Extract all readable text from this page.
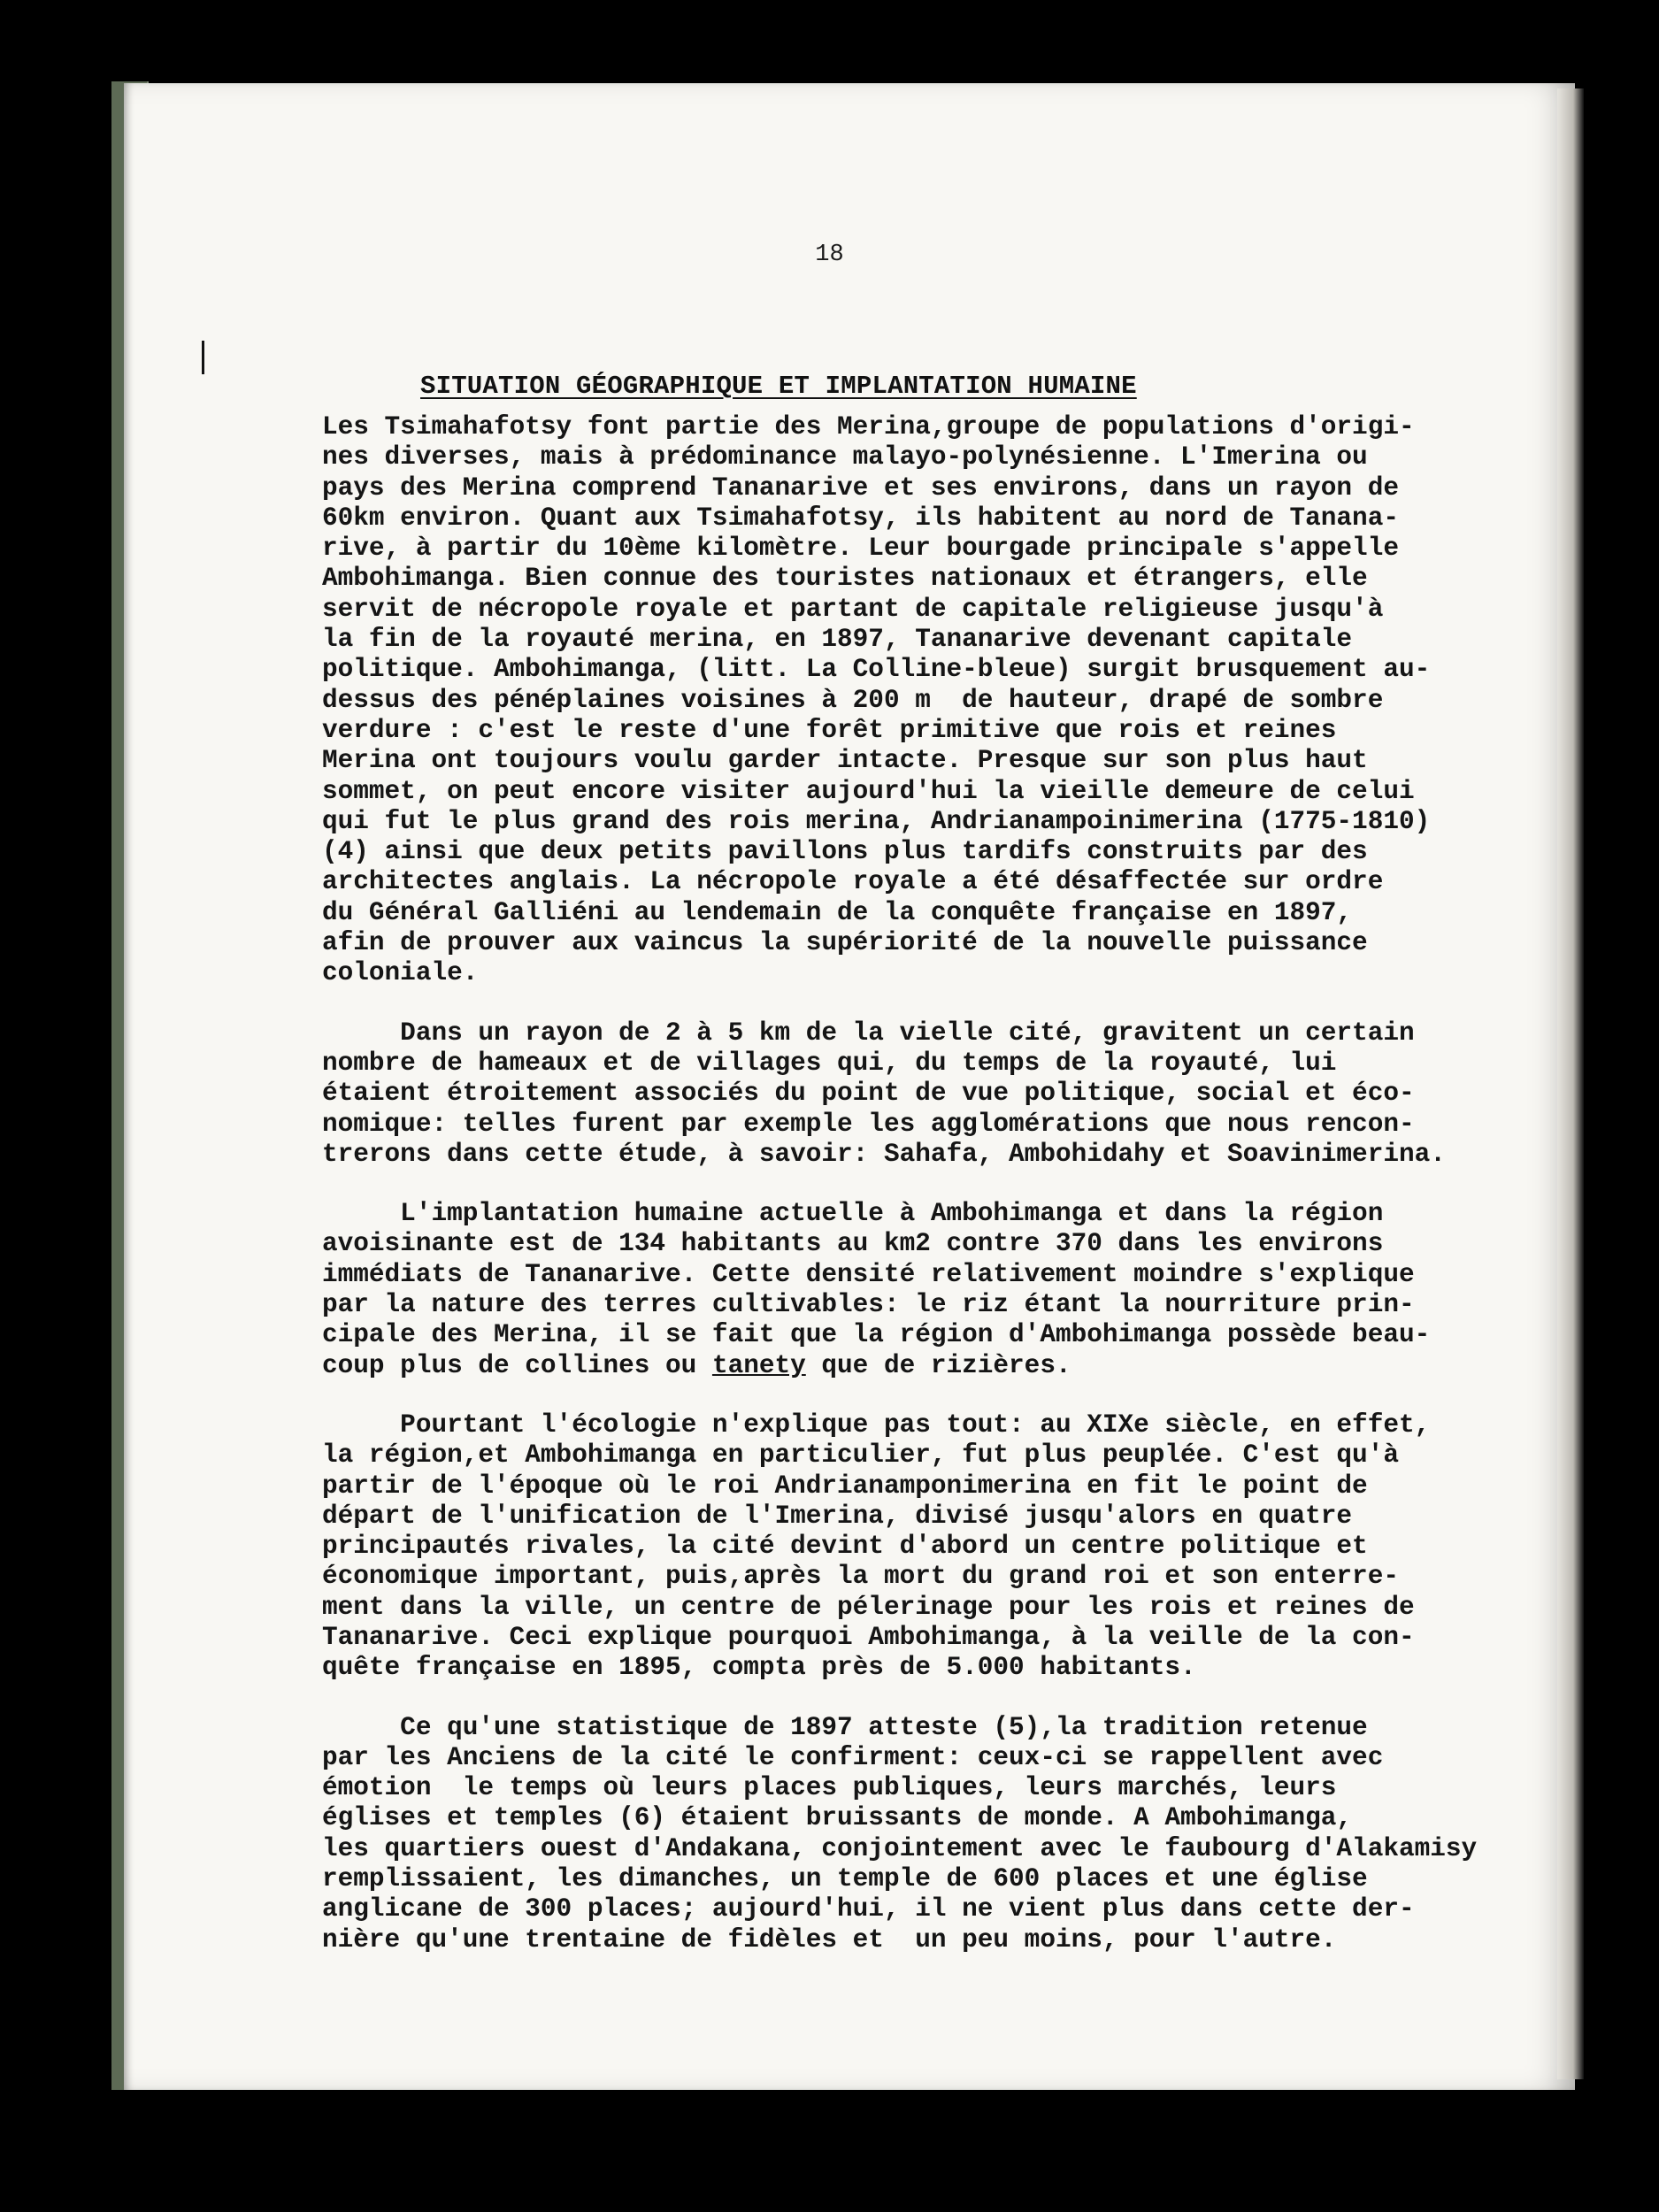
18
SITUATION GÉOGRAPHIQUE ET IMPLANTATION HUMAINE
Les Tsimahafotsy font partie des Merina,groupe de populations d'origi-
nes diverses, mais à prédominance malayo-polynésienne. L'Imerina ou
pays des Merina comprend Tananarive et ses environs, dans un rayon de
60km environ. Quant aux Tsimahafotsy, ils habitent au nord de Tanana-
rive, à partir du 10ème kilomètre. Leur bourgade principale s'appelle
Ambohimanga. Bien connue des touristes nationaux et étrangers, elle
servit de nécropole royale et partant de capitale religieuse jusqu'à
la fin de la royauté merina, en 1897, Tananarive devenant capitale
politique. Ambohimanga, (litt. La Colline-bleue) surgit brusquement au-
dessus des pénéplaines voisines à 200 m  de hauteur, drapé de sombre
verdure : c'est le reste d'une forêt primitive que rois et reines
Merina ont toujours voulu garder intacte. Presque sur son plus haut
sommet, on peut encore visiter aujourd'hui la vieille demeure de celui
qui fut le plus grand des rois merina, Andrianampoinimerina (1775-1810)
(4) ainsi que deux petits pavillons plus tardifs construits par des
architectes anglais. La nécropole royale a été désaffectée sur ordre
du Général Galliéni au lendemain de la conquête française en 1897,
afin de prouver aux vaincus la supériorité de la nouvelle puissance
coloniale.
Dans un rayon de 2 à 5 km de la vielle cité, gravitent un certain
nombre de hameaux et de villages qui, du temps de la royauté, lui
étaient étroitement associés du point de vue politique, social et éco-
nomique: telles furent par exemple les agglomérations que nous rencon-
trerons dans cette étude, à savoir: Sahafa, Ambohidahy et Soavinimerina.
L'implantation humaine actuelle à Ambohimanga et dans la région
avoisinante est de 134 habitants au km2 contre 370 dans les environs
immédiats de Tananarive. Cette densité relativement moindre s'explique
par la nature des terres cultivables: le riz étant la nourriture prin-
cipale des Merina, il se fait que la région d'Ambohimanga possède beau-
coup plus de collines ou tanety que de rizières.
Pourtant l'écologie n'explique pas tout: au XIXe siècle, en effet,
la région,et Ambohimanga en particulier, fut plus peuplée. C'est qu'à
partir de l'époque où le roi Andrianamponimerina en fit le point de
départ de l'unification de l'Imerina, divisé jusqu'alors en quatre
principautés rivales, la cité devint d'abord un centre politique et
économique important, puis,après la mort du grand roi et son enterre-
ment dans la ville, un centre de pélerinage pour les rois et reines de
Tananarive. Ceci explique pourquoi Ambohimanga, à la veille de la con-
quête française en 1895, compta près de 5.000 habitants.
Ce qu'une statistique de 1897 atteste (5),la tradition retenue
par les Anciens de la cité le confirment: ceux-ci se rappellent avec
émotion  le temps où leurs places publiques, leurs marchés, leurs
églises et temples (6) étaient bruissants de monde. A Ambohimanga,
les quartiers ouest d'Andakana, conjointement avec le faubourg d'Alakamisy
remplissaient, les dimanches, un temple de 600 places et une église
anglicane de 300 places; aujourd'hui, il ne vient plus dans cette der-
nière qu'une trentaine de fidèles et  un peu moins, pour l'autre.
